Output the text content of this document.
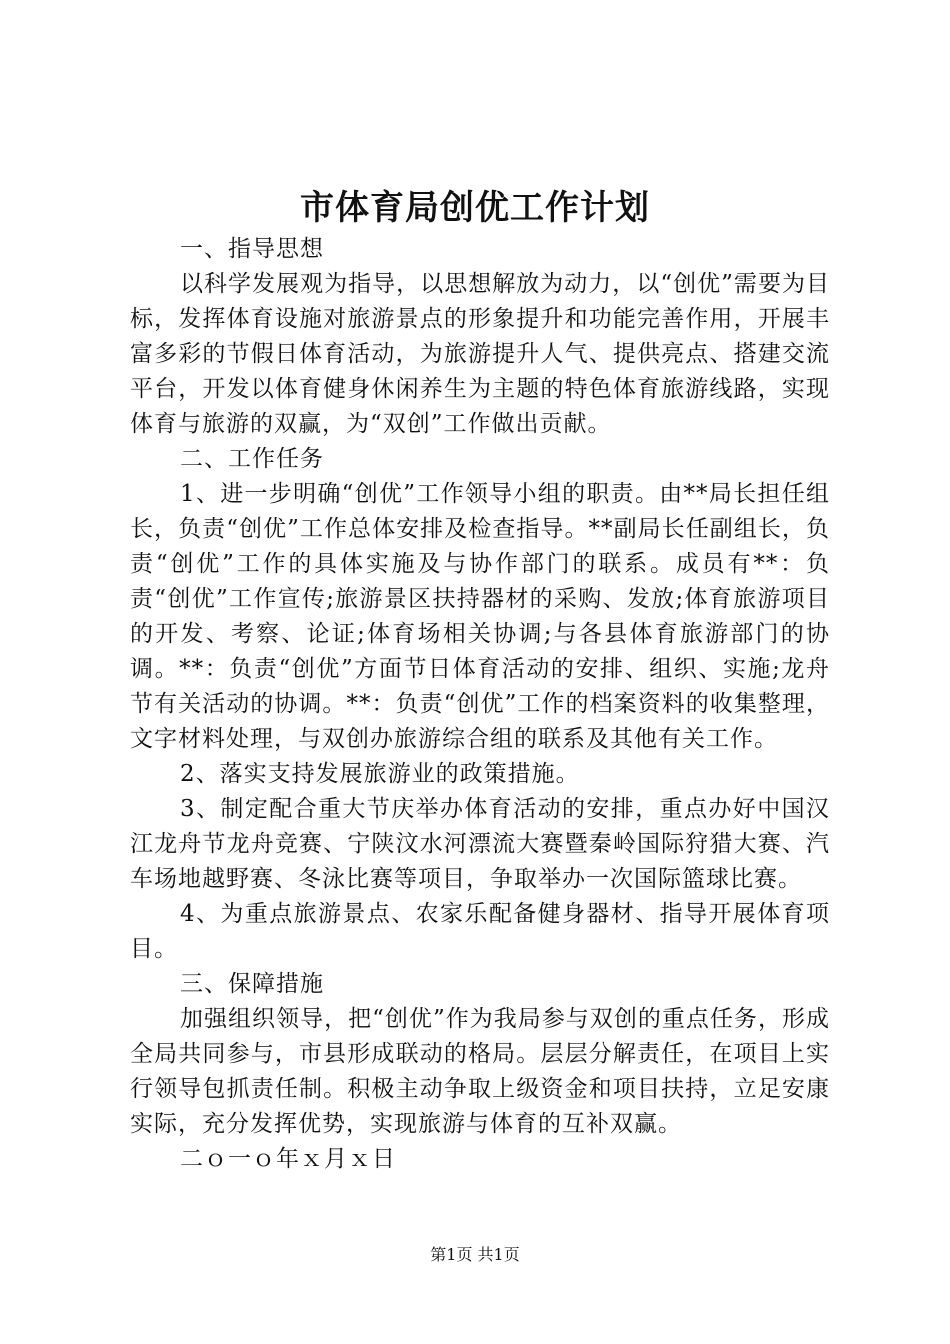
市体育局创优工作计划

一、指导思想

以科学发展观为指导，以思想解放为动力，以“创优”需要为目标，发挥体育设施对旅游景点的形象提升和功能完善作用，开展丰富多彩的节假日体育活动，为旅游提升人气、提供亮点、搭建交流平台，开发以体育健身休闲养生为主题的特色体育旅游线路，实现体育与旅游的双赢，为“双创”工作做出贡献。

二、工作任务

1、进一步明确“创优”工作领导小组的职责。由**局长担任组长，负责“创优”工作总体安排及检查指导。**副局长任副组长，负责“创优”工作的具体实施及与协作部门的联系。成员有**：负责“创优”工作宣传;旅游景区扶持器材的采购、发放;体育旅游项目的开发、考察、论证;体育场相关协调;与各县体育旅游部门的协调。**：负责“创优”方面节日体育活动的安排、组织、实施;龙舟节有关活动的协调。**：负责“创优”工作的档案资料的收集整理，文字材料处理，与双创办旅游综合组的联系及其他有关工作。

2、落实支持发展旅游业的政策措施。

3、制定配合重大节庆举办体育活动的安排，重点办好中国汉江龙舟节龙舟竞赛、宁陕汶水河漂流大赛暨秦岭国际狩猎大赛、汽车场地越野赛、冬泳比赛等项目，争取举办一次国际篮球比赛。

4、为重点旅游景点、农家乐配备健身器材、指导开展体育项目。

三、保障措施

加强组织领导，把“创优”作为我局参与双创的重点任务，形成全局共同参与，市县形成联动的格局。层层分解责任，在项目上实行领导包抓责任制。积极主动争取上级资金和项目扶持，立足安康实际，充分发挥优势，实现旅游与体育的互补双赢。

二ｏ一ｏ年ｘ月ｘ日

第1页 共1页
